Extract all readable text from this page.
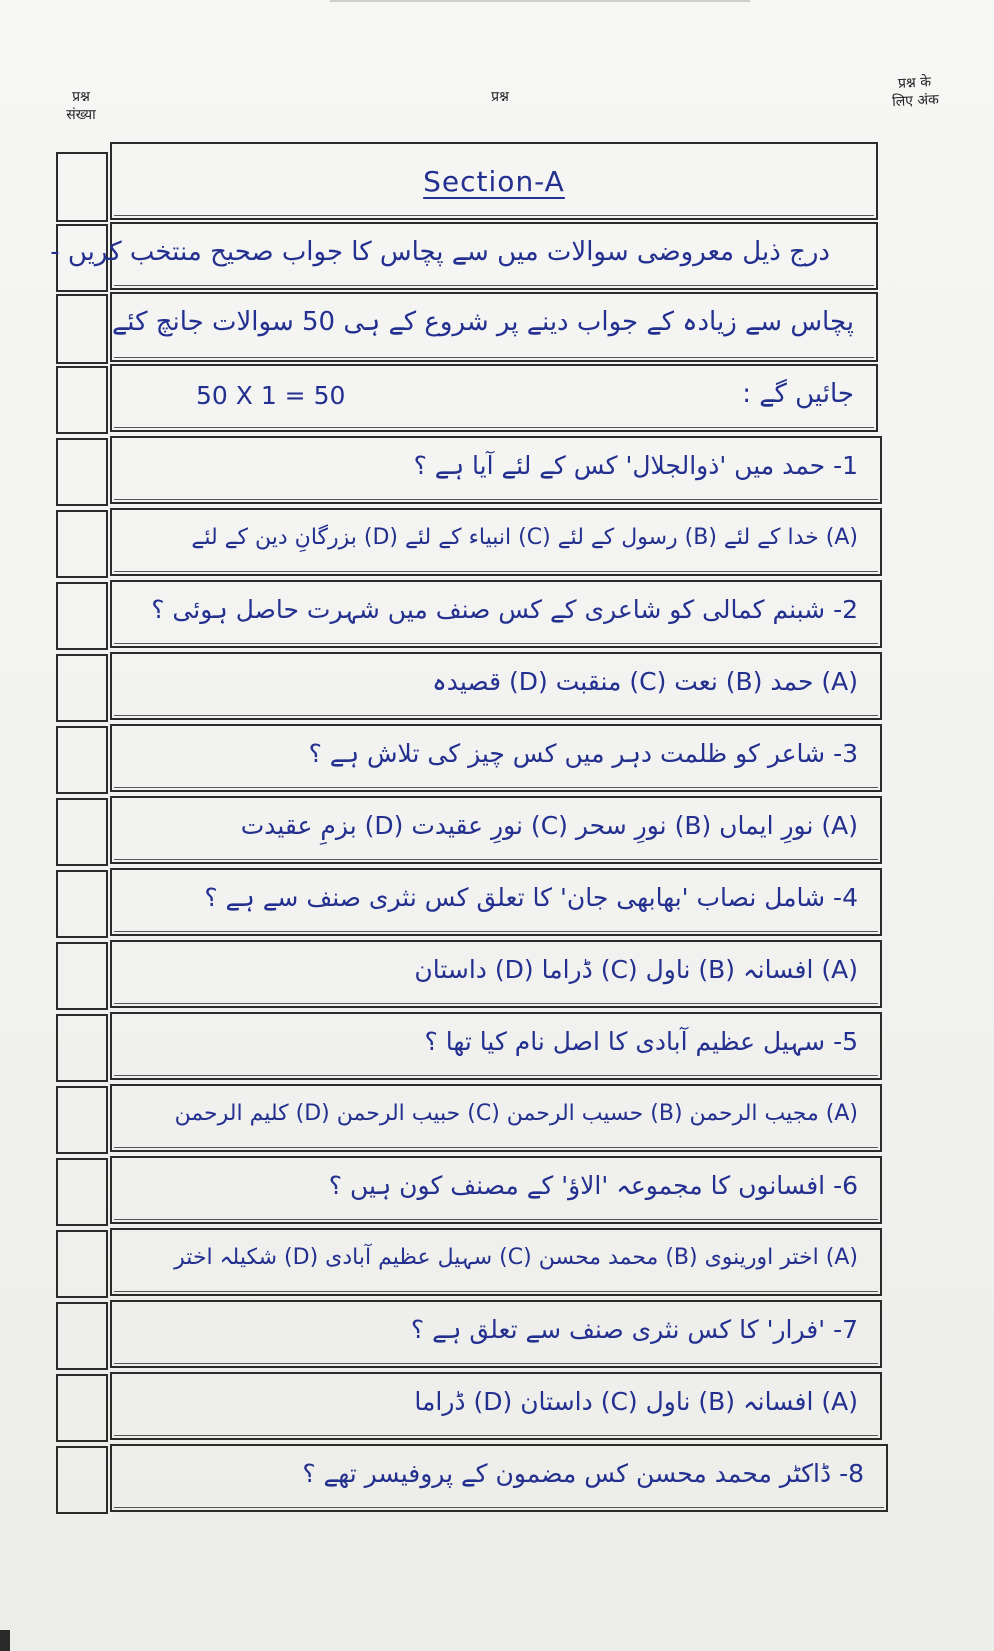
प्रश्न
संख्या
प्रश्न
प्रश्न के
लिए अंक
Section-A
درج ذیل معروضی سوالات میں سے پچاس کا جواب صحیح منتخب کریں -
پچاس سے زیادہ کے جواب دینے پر شروع کے ہی 50 سوالات جانچ کئے
جائیں گے :
50 X 1 = 50
1- حمد میں 'ذوالجلال' کس کے لئے آیا ہے ؟
(A) خدا کے لئے (B) رسول کے لئے (C) انبیاء کے لئے (D) بزرگانِ دین کے لئے
2- شبنم کمالی کو شاعری کے کس صنف میں شہرت حاصل ہوئی ؟
(A) حمد (B) نعت (C) منقبت (D) قصیدہ
3- شاعر کو ظلمت دہر میں کس چیز کی تلاش ہے ؟
(A) نورِ ایماں (B) نورِ سحر (C) نورِ عقیدت (D) بزمِ عقیدت
4- شامل نصاب 'بھابھی جان' کا تعلق کس نثری صنف سے ہے ؟
(A) افسانہ (B) ناول (C) ڈراما (D) داستان
5- سہیل عظیم آبادی کا اصل نام کیا تھا ؟
(A) مجیب الرحمن (B) حسیب الرحمن (C) حبیب الرحمن (D) کلیم الرحمن
6- افسانوں کا مجموعہ 'الاؤ' کے مصنف کون ہیں ؟
(A) اختر اورینوی (B) محمد محسن (C) سہیل عظیم آبادی (D) شکیلہ اختر
7- 'فرار' کا کس نثری صنف سے تعلق ہے ؟
(A) افسانہ (B) ناول (C) داستان (D) ڈراما
8- ڈاکٹر محمد محسن کس مضمون کے پروفیسر تھے ؟
